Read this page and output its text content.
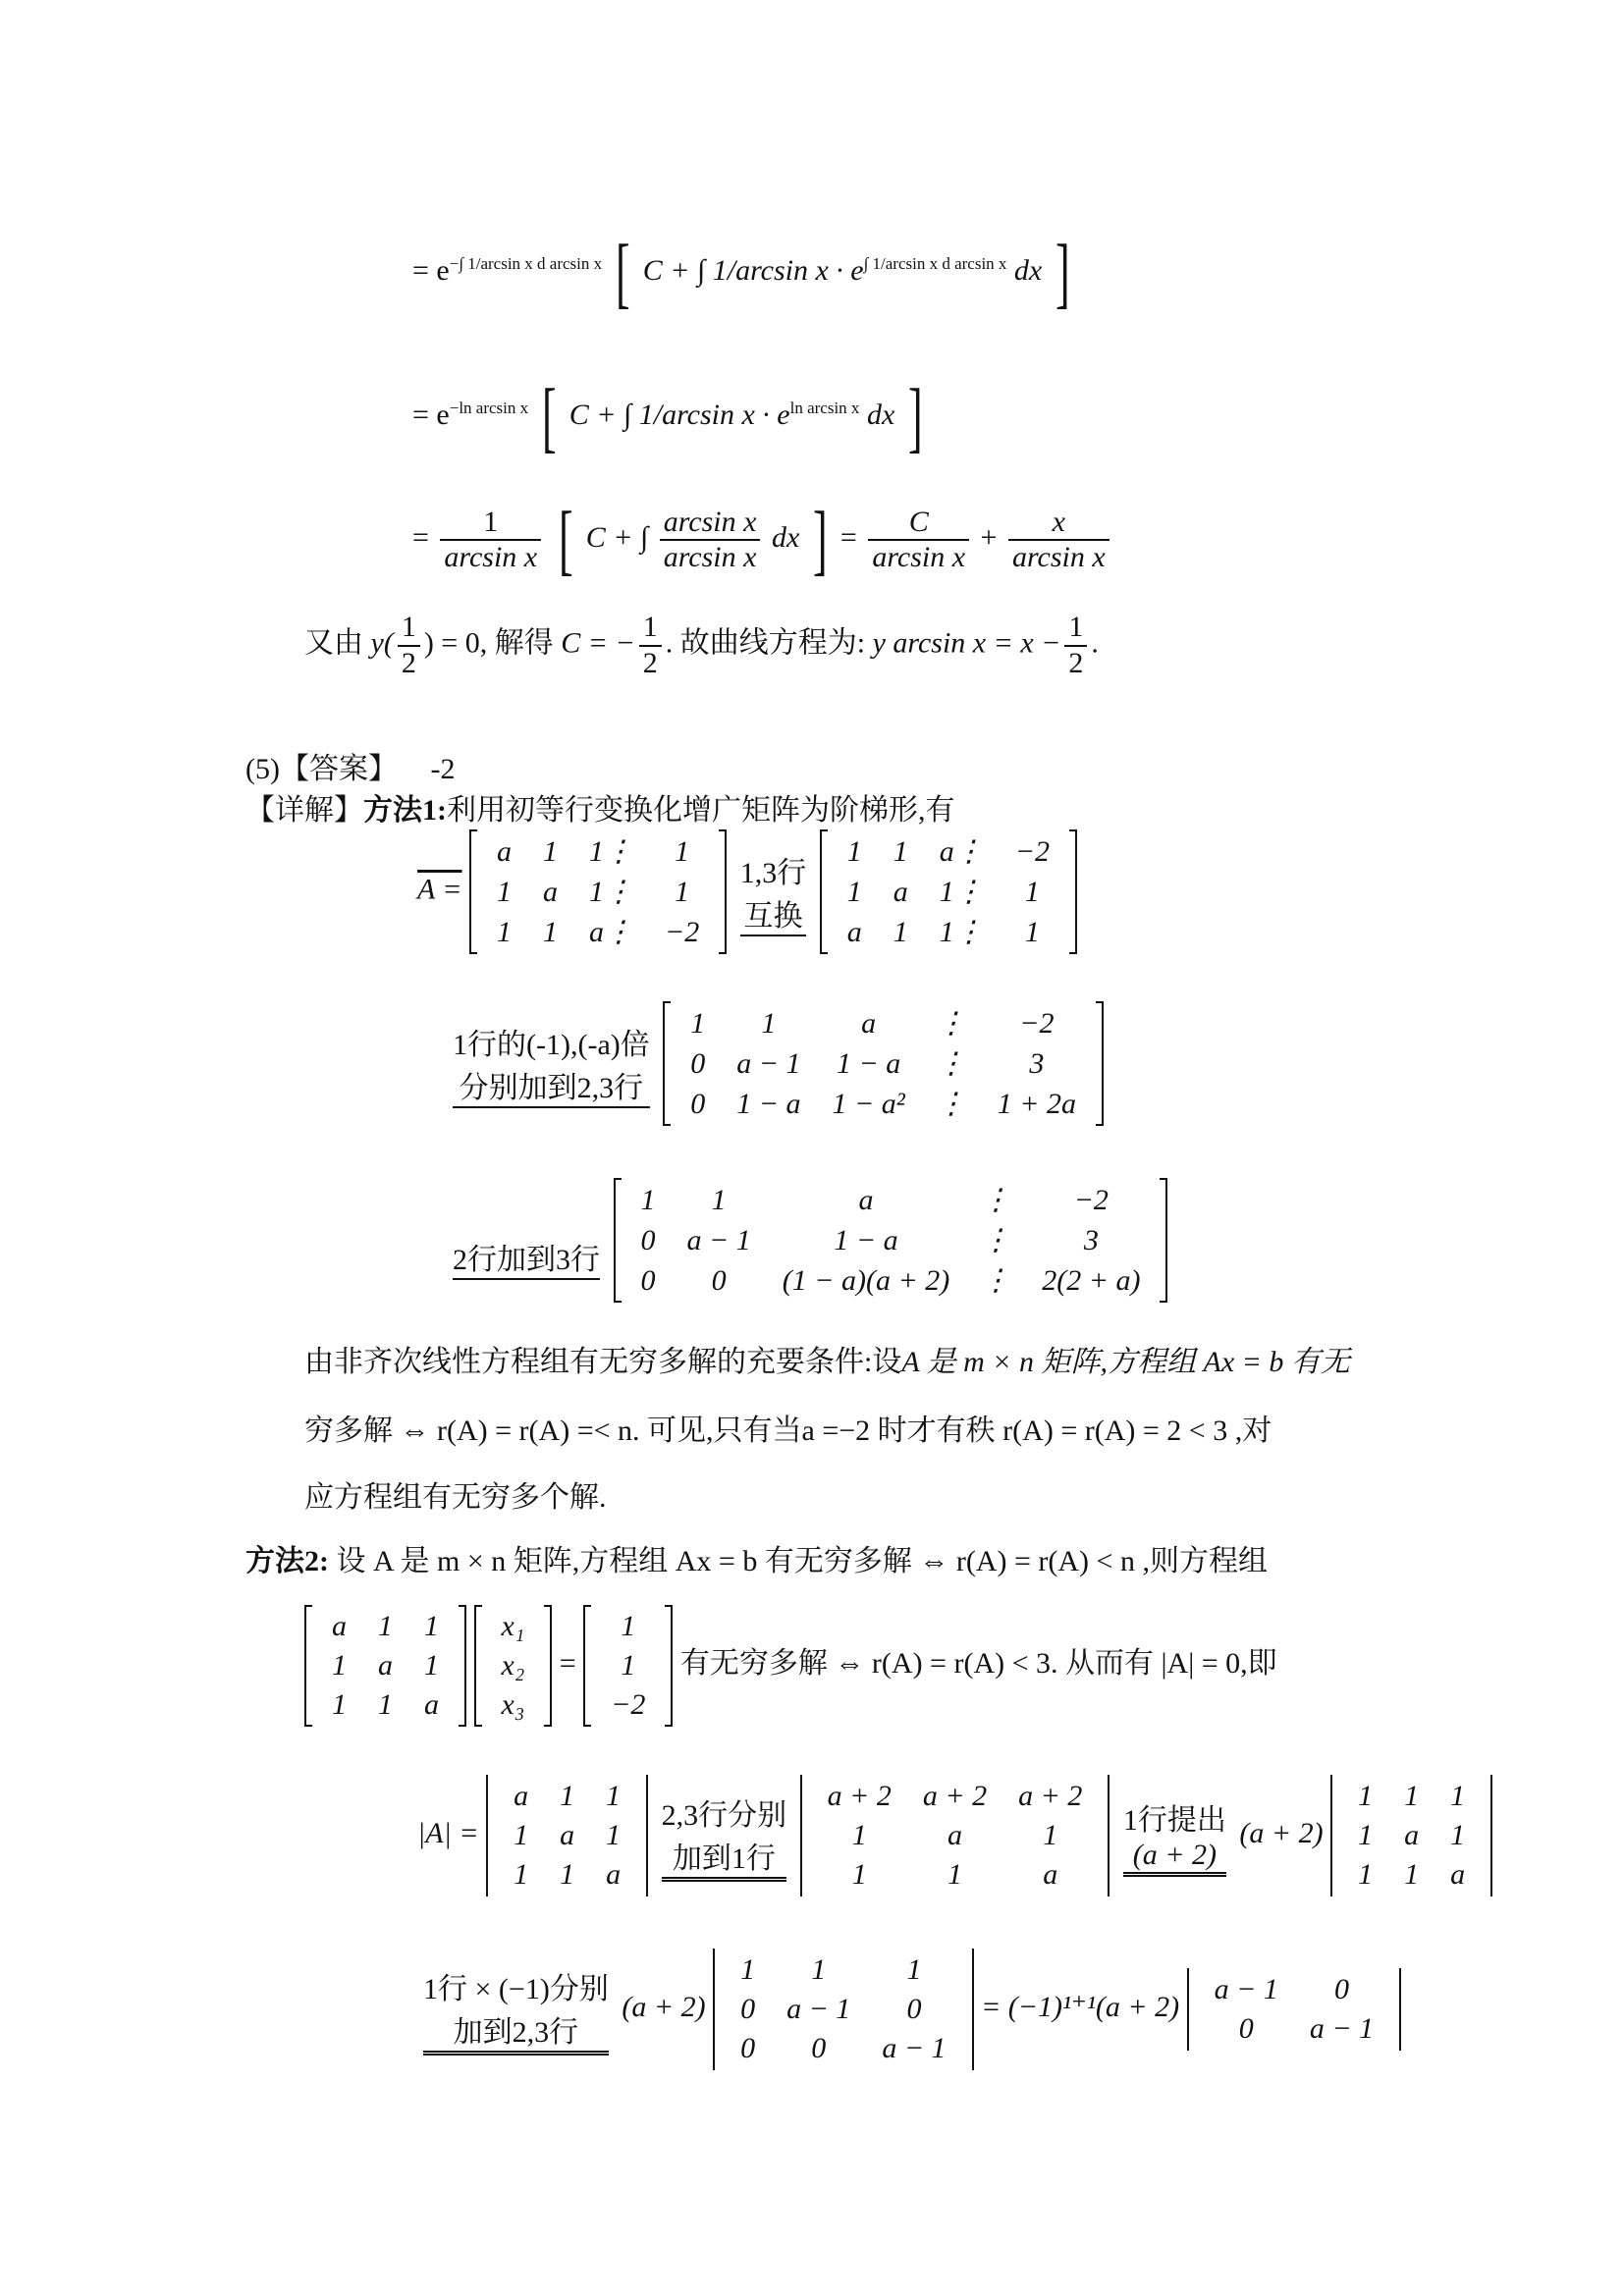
= $e^{-\int 1/arcsin x d arcsin x}$ [ C + ∫ 1/arcsin $x \cdot e^{\int 1/arcsin x d arcsin x}$ dx ]
= $e^{-ln arcsin x}$ [ C + ∫ 1/arcsin $x \cdot e^{ln arcsin x}$ dx ]
= $\frac{1}{\text{arcsin x}}$ [ C + ∫ $\frac{\text{arcsin x}}{\text{arcsin x}}$ dx ] = $\frac{C}{\text{arcsin x}} + \frac{x}{\text{arcsin x}}$
又由 $y( \frac{1}{2}$ ) = 0, 解得 C = − $\frac{1}{2}$ . 故曲线方程为: y $\arcsin x = x - \frac{1}{2}$ .
(5)【答案】 -2
【详解】方法1:利用初等行变换化增广矩阵为阶梯形,有
A =
a	1	1⋮	1
1	a	1⋮	1
1	1	a⋮	−2

1,3行
互换

1	1	a⋮	−2
1	a	1⋮	1
a	1	1⋮	1
1行的(-1),(-a)倍
分别加到2,3行

1	1	a	⋮	−2
0	a − 1	1 − a	⋮	3
0	1 − a	1 − a²	⋮	1 + 2a

2行加到3行

1	1	a	⋮	−2
0	a − 1	1 − a	⋮	3
0	0	(1 − a)(a + 2)	⋮	2(2 + a)
由非齐次线性方程组有无穷多解的充要条件:设A 是 m × n 矩阵,方程组 Ax = b 有无
穷多解 ⇔ r(A) = r(A) =< n. 可见,只有当a =−2 时才有秩 r(A) = r(A) = 2 < 3 ,对
应方程组有无穷多个解.
方法2: 设 A 是 m × n 矩阵,方程组 Ax = b 有无穷多解 ⇔ r(A) = r(A) < n ,则方程组
a	1	1
1	a	1
1	1	a

x₁
x₂
x₃
=
1
1
−2
有无穷多解 ⇔ r(A) = r(A) < 3. 从而有 |A| = 0,即
|A| =
a	1	1
1	a	1
1	1	a

2,3行分别
加到1行

a + 2	a + 2	a + 2
1	a	1
1	1	a

1行提出
(a + 2)
(a + 2)
1	1	1
1	a	1
1	1	a
1行 × (−1)分别
加到2,3行
(a + 2)
1	1	1
0	a − 1	0
0	0	a − 1
= (−1)¹⁺¹(a + 2)
a − 1	0
0	a − 1
